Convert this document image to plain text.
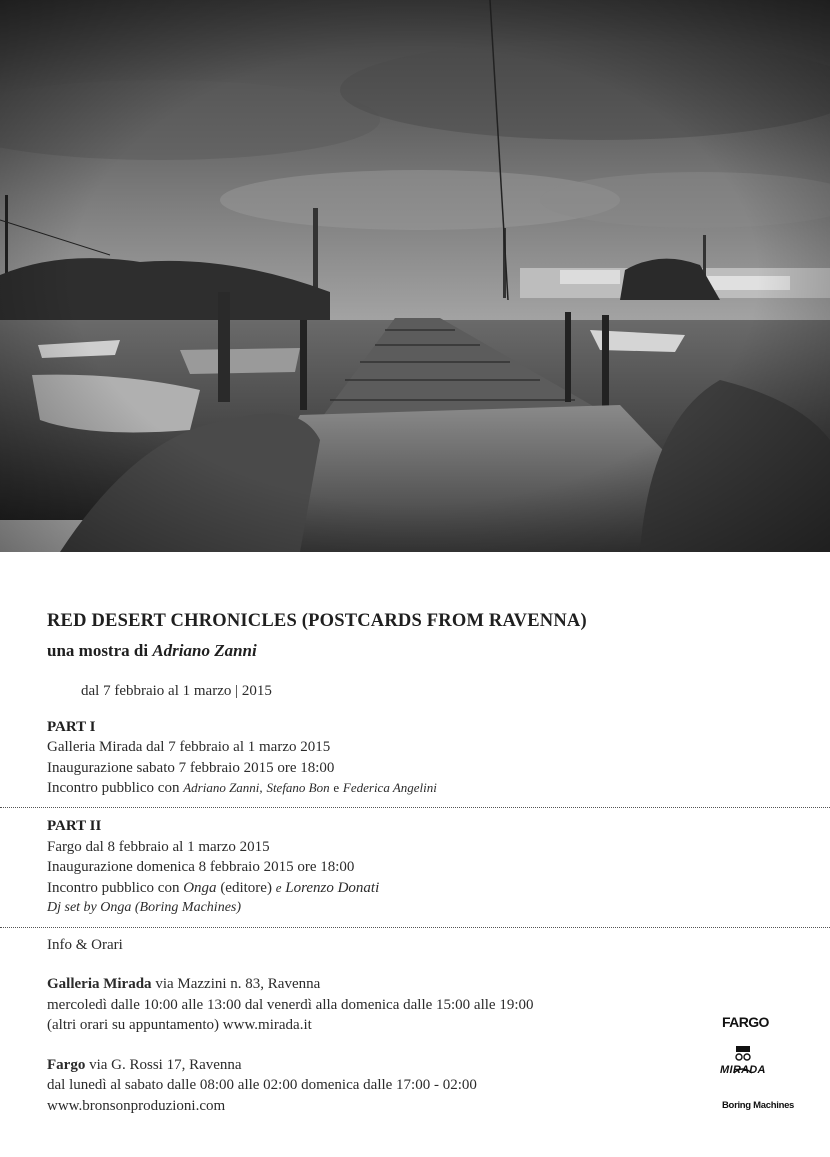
RED DESERT CHRONICLES (POSTCARDS FROM RAVENNA)
una mostra di Adriano Zanni
dal 7 febbraio al 1 marzo | 2015
PART I
Galleria Mirada dal 7 febbraio al 1 marzo 2015
Inaugurazione sabato 7 febbraio 2015 ore 18:00
Incontro pubblico con Adriano Zanni, Stefano Bon e Federica Angelini
PART II
Fargo dal 8 febbraio al 1 marzo 2015
Inaugurazione domenica 8 febbraio 2015 ore 18:00
Incontro pubblico con Onga (editore) e Lorenzo Donati
Dj set by Onga (Boring Machines)
Info & Orari
Galleria Mirada via Mazzini n. 83, Ravenna
mercoledì dalle 10:00 alle 13:00 dal venerdì alla domenica dalle 15:00 alle 19:00
(altri orari su appuntamento) www.mirada.it
Fargo via G. Rossi 17, Ravenna
dal lunedì al sabato dalle 08:00 alle 02:00 domenica dalle 17:00 - 02:00
www.bronsonproduzioni.com
FARGO
MIRADA
Boring Machines
